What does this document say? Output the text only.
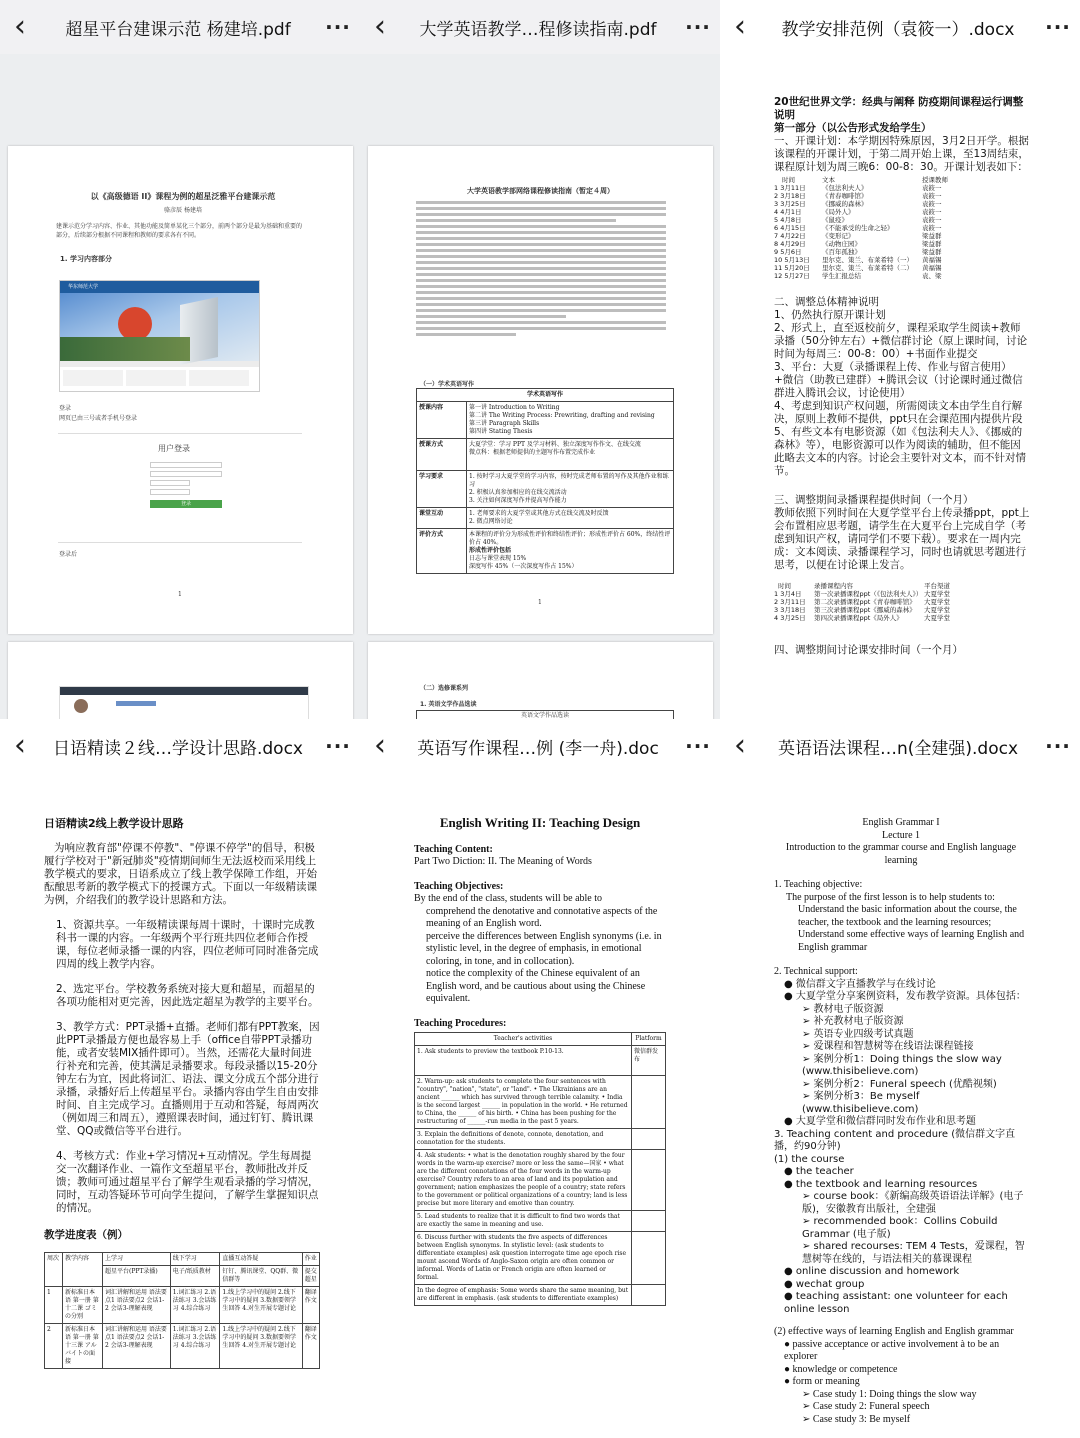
‹	超星平台建课示范 杨建培.pdf	···
以《高级德语 II》课程为例的超星泛雅平台建课示范
骆彦辰 杨建培
建课示范分学习内容、作业、其他功能及简单某化三个部分，前两个部分是最为基础和重要的部分，后续部分根据不同课程和教师的要求各有不同。
1. 学习内容部分
华东师范大学
登录
网页已由三号或者手机号登录
用户登录
登录
登录后
1
‹	大学英语教学…程修读指南.pdf	···
大学英语教学部网络课程修读指南（暂定４周）
（一）学术英语写作
学术英语写作	
授课内容	第一讲 Introduction to Writing
第二讲 The Writing Process: Prewriting, drafting and revising
第三讲 Paragraph Skills
第四讲 Stating Thesis

授课方式	大夏学堂：学习 PPT 及学习材料、独立深度写作作文、在线交流
微点科：根据老师提供的主题写作布置完成作业

学习要求	1. 按时学习大夏学堂的学习内容，按时完成老师布置的写作及其他作业和练习
2. 积极认真参加相应的在线交流活动
3. 关注如何深度写作并提高写作能力

课堂互动	1. 老师要求的大夏学堂或其他方式在线交流及时反馈
2. 微点网络讨论

评价方式	本课程的评价分为形成性评价和终结性评价；形成性评价占 60%，终结性评价占 40%。
形成性评价包括
日志与课堂表现 15%
深度写作 45%（一次深度写作占 15%）
1
（二）选修课系列
1. 英语文学作品选读
英语文学作品选读
‹	教学安排范例（袁筱一）.docx	···
20世纪世界文学：经典与阐释 防疫期间课程运行调整说明
第一部分（以公告形式发给学生）
一、开课计划：本学期因特殊原因，3月2日开学。根据该课程的开课计划，于第二周开始上课，至13周结束，课程原计划为周三晚6：00-8：30。开课计划表如下：
时间	文本	授课教师
1 3月11日	《包法利夫人》	袁筱一
2 3月18日	《青春咖啡馆》	袁筱一
3 3月25日	《挪威的森林》	袁筱一
4 4月1日	《局外人》	袁筱一
5 4月8日	《鼠疫》	袁筱一
6 4月15日	《不能承受的生命之轻》	袁筱一
7 4月22日	《变形记》	梁益群
8 4月29日	《动物庄园》	梁益群
9 5月6日	《百年孤独》	梁益群
10 5月13日	里尔克、策兰、布莱希特（一）	黄福锡
11 5月20日	里尔克、策兰、布莱希特（二）	黄福锡
12 5月27日	学生汇报总结	袁、梁
二、调整总体精神说明
1、仍然执行原开课计划
2、形式上，直至返校前夕，课程采取学生阅读+教师录播（50分钟左右）+微信群讨论（原上课时间，讨论时间为每周三：00-8：00）+书面作业提交
3、平台：大夏（录播课程上传、作业与留言使用）+微信（助教已建群）+腾讯会议（讨论课时通过微信群进入腾讯会议，讨论使用）
4、考虑到知识产权问题，所需阅读文本由学生自行解决，原则上教师不提供，ppt只在会课范围内提供片段
5、有些文本有电影资源（如《包法利夫人》、《挪威的森林》等），电影资源可以作为阅读的辅助，但不能因此略去文本的内容。讨论会主要针对文本，而不针对情节。
三、调整期间录播课程提供时间（一个月）
教师依照下列时间在大夏学堂平台上传录播ppt，ppt上会布置相应思考题，请学生在大夏平台上完成自学（考虑到知识产权，请同学们不要下载）。要求在一周内完成：文本阅读、录播课程学习，同时也请就思考题进行思考，以便在讨论课上发言。
时间	录播课程内容	平台渠道
1 3月4日	第一次录播课程ppt（《包法利夫人》）	大夏学堂
2 3月11日	第二次录播课程ppt《青春咖啡馆》	大夏学堂
3 3月18日	第三次录播课程ppt《挪威的森林》	大夏学堂
4 3月25日	第四次录播课程ppt《局外人》	大夏学堂
四、调整期间讨论课安排时间（一个月）
‹	日语精读２线…学设计思路.docx	···
日语精读2线上教学设计思路
为响应教育部"停课不停教"、"停课不停学"的倡导，积极履行学校对于"新冠肺炎"疫情期间师生无法返校而采用线上教学模式的要求，日语系成立了线上教学保障工作组，开始酝酿思考新的教学模式下的授课方式。下面以一年级精读课为例，介绍我们的教学设计思路和方法。
1、资源共享。一年级精读课每周十课时，十课时完成教科书一课的内容。一年级两个平行班共四位老师合作授课，每位老师录播一课的内容，四位老师可同时准备完成四周的线上教学内容。
2、选定平台。学校教务系统对接大夏和超星，而超星的各项功能相对更完善，因此选定超星为教学的主要平台。
3、教学方式：PPT录播+直播。老师们都有PPT教案，因此PPT录播最方便也最容易上手（office自带PPT录播功能，或者安装MIX插件即可）。当然，还需花大量时间进行补充和完善，使其满足录播要求。每段录播以15-20分钟左右为宜，因此将词汇、语法、课文分成五个部分进行录播，录播好后上传超星平台。录播内容由学生自由安排时间、自主完成学习。直播则用于互动和答疑，每周两次（例如周三和周五），遵照课表时间，通过钉钉、腾讯课堂、QQ或微信等平台进行。
4、考核方式：作业+学习情况+互动情况。学生每周提交一次翻译作业、一篇作文至超星平台，教师批改并反馈；教师可通过超星平台了解学生观看录播的学习情况，同时，互动答疑环节可向学生提问，了解学生掌握知识点的情况。
教学进度表（例）
周次	教学内容	上学习	线下学习	直播互动答疑	作业
		超星平台(PPT录播)	电子/纸质教材	钉钉、腾讯课堂、QQ群、微信群等	提交超星
1	新标准日本语 第一册 第十二课 ゴミの分別	词汇讲解和运用 语法要点1 语法要点2 会话1-2 会话3-理解表现	1.词汇练习 2.语法练习 3.会话练习 4.综合练习	1.线上学习中的疑问 2.线下学习中的疑问 3.数据要领学生回答 4.对生开展专题讨论	翻译 作文
2	新标准日本语 第一册 第十三课 アルバイトの面接	词汇讲解和运用 语法要点1 语法要点2 会话1-2 会话3-理解表现	1.词汇练习 2.语法练习 3.会话练习 4.综合练习	1.线上学习中的疑问 2.线下学习中的疑问 3.数据要领学生回答 4.对生开展专题讨论	翻译 作文
‹	英语写作课程…例 (李一舟).doc	···
English Writing II: Teaching Design
Teaching Content:
Part Two Diction: II. The Meaning of Words
Teaching Objectives:
By the end of the class, students will be able to
comprehend the denotative and connotative aspects of the meaning of an English word.
perceive the differences between English synonyms (i.e. in stylistic level, in the degree of emphasis, in emotional coloring, in tone, and in collocation).
notice the complexity of the Chinese equivalent of an English word, and be cautious about using the Chinese equivalent.
Teaching Procedures:
Teacher's activities	Platform
1. Ask students to preview the textbook P.10-13.	微信群发布
2. Warm-up: ask students to complete the four sentences with "country", "nation", "state", or "land". • The Ukrainians are an ancient ______ which has survived through terrible calamity. • India is the second largest ______ in population in the world. • He returned to China, the ______ of his birth. • China has been pushing for the restructuring of ______-run media in the past 5 years.	
3. Explain the definitions of denote, connote, denotation, and connotation for the students.	
4. Ask students: • what is the denotation roughly shared by the four words in the warm-up exercise? more or less the same—国家 • what are the different connotations of the four words in the warm-up exercise? Country refers to an area of land and its population and government; nation emphasizes the people of a country; state refers to the government or political organizations of a country; land is less precise but more literary and emotive than country.	
5. Lead students to realize that it is difficult to find two words that are exactly the same in meaning and use.	
6. Discuss further with students the five aspects of differences between English synonyms. In stylistic level: (ask students to differentiate examples) ask question interrogate time age epoch rise mount ascend Words of Anglo-Saxon origin are often common or informal. Words of Latin or French origin are often learned or formal.	
In the degree of emphasis: Some words share the same meaning, but are different in emphasis. (ask students to differentiate examples)	
‹	英语语法课程…n(全建强).docx	···
English Grammar I
Lecture 1
Introduction to the grammar course and English language learning
1. Teaching objective:
The purpose of the first lesson is to help students to:
Understand the basic information about the course, the teacher, the textbook and the learning resources;
Understand some effective ways of learning English and English grammar
2. Technical support:
● 微信群文字直播教学与在线讨论
● 大夏学堂分享案例资料，发布教学资源。具体包括：
➢ 教材电子版资源
➢ 补充教材电子版资源
➢ 英语专业四级考试真题
➢ 爱课程和智慧树等在线语法课程链接
➢ 案例分析1：Doing things the slow way (www.thisibelieve.com)
➢ 案例分析2：Funeral speech (优酷视频)
➢ 案例分析3：Be myself (www.thisibelieve.com)
● 大夏学堂和微信群同时发布作业和思考题
3. Teaching content and procedure (微信群文字直播，约90分钟)
(1) the course
● the teacher
● the textbook and learning resources
➢ course book：《新编高级英语语法详解》(电子版)，安徽教育出版社，全建强
➢ recommended book：Collins Cobuild Grammar (电子版)
➢ shared recourses: TEM 4 Tests，爱课程，智慧树等在线的，与语法相关的慕课课程
● online discussion and homework
● wechat group
● teaching assistant: one volunteer for each online lesson
(2) effective ways of learning English and English grammar
● passive acceptance or active involvement à to be an explorer
● knowledge or competence
● form or meaning
➢ Case study 1: Doing things the slow way
➢ Case study 2: Funeral speech
➢ Case study 3: Be myself
